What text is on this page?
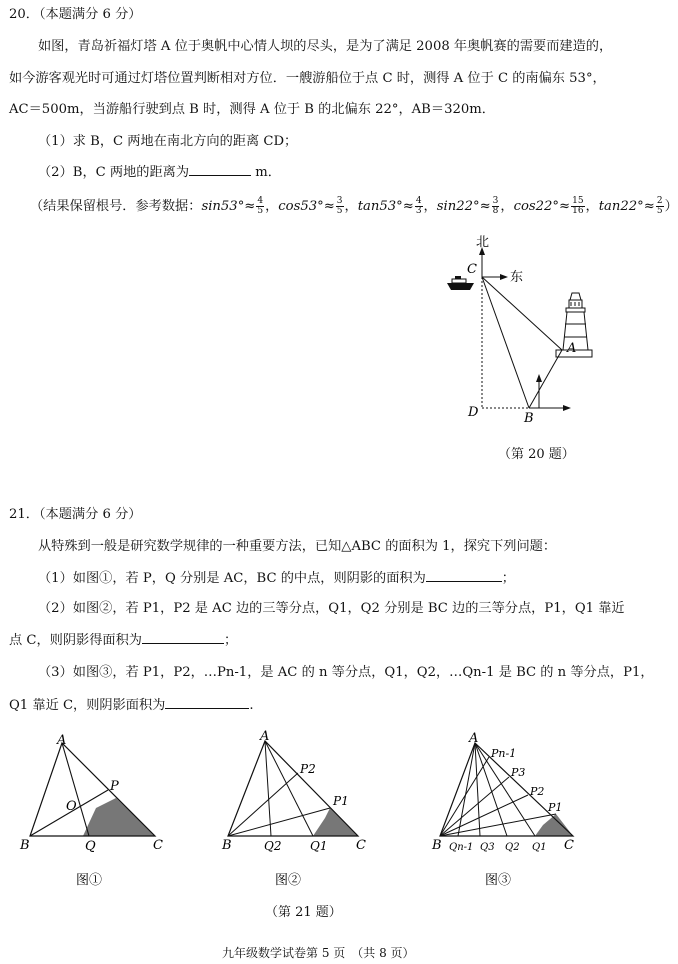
20．（本题满分 6 分）
如图，青岛祈福灯塔 A 位于奥帆中心情人坝的尽头，是为了满足 2008 年奥帆赛的需要而建造的，
如今游客观光时可通过灯塔位置判断相对方位．一艘游船位于点 C 时，测得 A 位于 C 的南偏东 53°，
AC＝500m，当游船行驶到点 B 时，测得 A 位于 B 的北偏东 22°，AB＝320m．
（1）求 B，C 两地在南北方向的距离 CD；
（2）B，C 两地的距离为	m．
（结果保留根号．参考数据：$\sin 53^\circ\approx \frac{4}{5}$ ，$\cos 53^\circ\approx \frac{3}{5}$ ，$\tan 53^\circ\approx \frac{4}{3}$ ，$\sin 22^\circ\approx \frac{3}{8}$ ，$\cos 22^\circ\approx \frac{15}{16}$ ，$\tan 22^\circ\approx \frac{2}{5}$ ）
北
东
C
A
D	B
（第 20 题）
21．（本题满分 6 分）
从特殊到一般是研究数学规律的一种重要方法，已知△ABC 的面积为 1，探究下列问题：
（1）如图①，若 P，Q 分别是 AC，BC 的中点，则阴影的面积为	；
（2）如图②，若 P1，P2 是 AC 边的三等分点，Q1，Q2 分别是 BC 边的三等分点，P1，Q1 靠近
点 C，则阴影得面积为	；
（3）如图③，若 P1，P2，…Pn-1，是 AC 的 n 等分点，Q1，Q2，…Qn-1 是 BC 的 n 等分点，P1，
Q1 靠近 C，则阴影面积为	.
A
B	C
P
Q
O
图①
A
B	C
P2
P1
Q2 Q1
图②
A
B	C
Pn-1
P3
P2
P1
Qn-1 Q3 Q2 Q1
图③
（第 21 题）
九年级数学试卷第 5 页　（共 8 页）
